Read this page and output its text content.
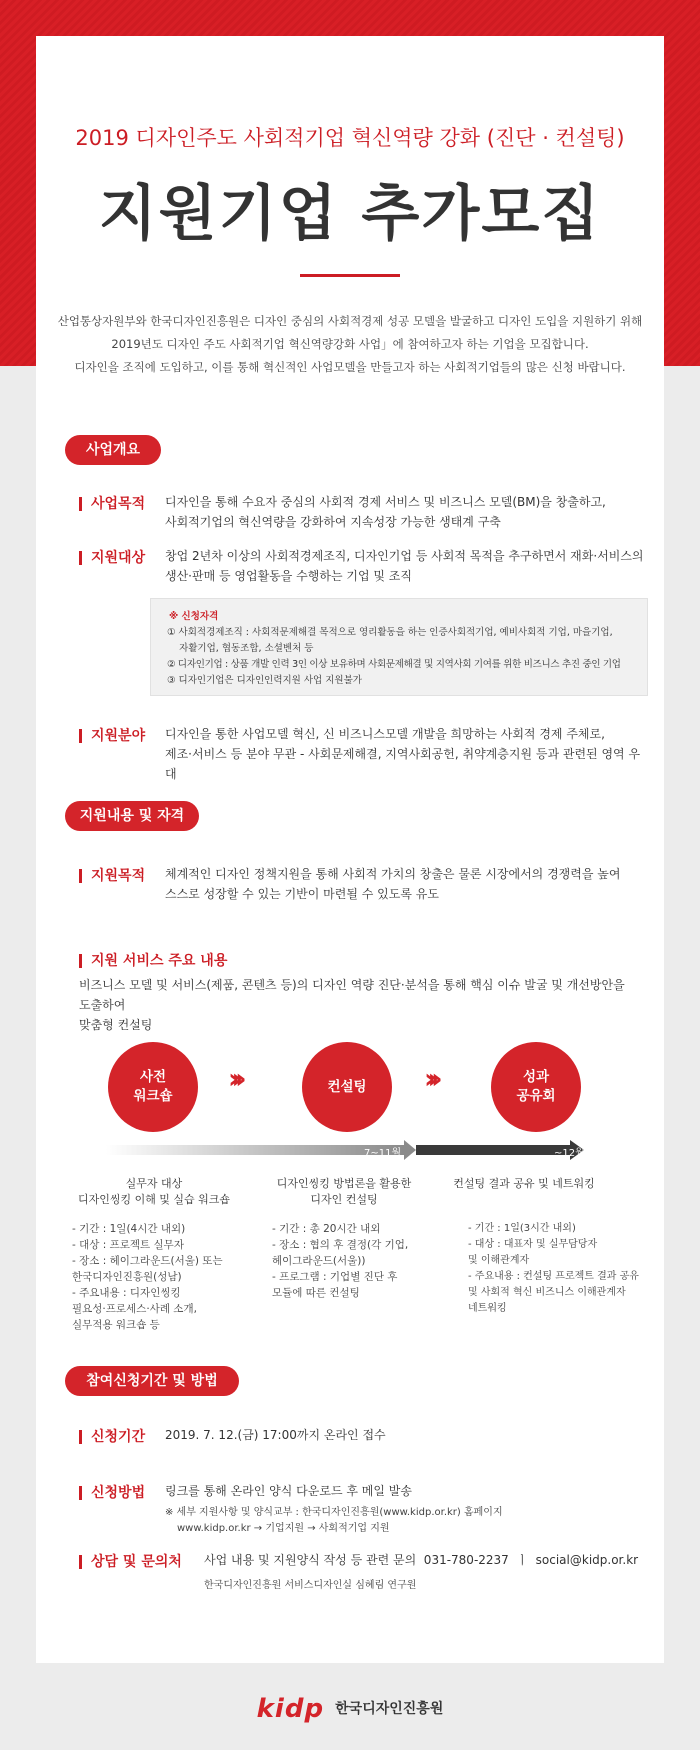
2019 디자인주도 사회적기업 혁신역량 강화 (진단 · 컨설팅)
지원기업 추가모집
산업통상자원부와 한국디자인진흥원은 디자인 중심의 사회적경제 성공 모델을 발굴하고 디자인 도입을 지원하기 위해
2019년도 디자인 주도 사회적기업 혁신역량강화 사업」에 참여하고자 하는 기업을 모집합니다.
디자인을 조직에 도입하고, 이를 통해 혁신적인 사업모델을 만들고자 하는 사회적기업들의 많은 신청 바랍니다.
사업개요
사업목적 디자인을 통해 수요자 중심의 사회적 경제 서비스 및 비즈니스 모델(BM)을 창출하고,
사회적기업의 혁신역량을 강화하여 지속성장 가능한 생태계 구축
지원대상 창업 2년차 이상의 사회적경제조직, 디자인기업 등 사회적 목적을 추구하면서 재화·서비스의
생산·판매 등 영업활동을 수행하는 기업 및 조직
※ 신청자격
① 사회적경제조직 : 사회적문제해결 목적으로 영리활동을 하는 인증사회적기업, 예비사회적 기업, 마을기업,
자활기업, 협동조합, 소셜벤처 등
② 디자인기업 : 상품 개발 인력 3인 이상 보유하며 사회문제해결 및 지역사회 기여를 위한 비즈니스 추진 중인 기업
③ 디자인기업은 디자인인력지원 사업 지원불가
지원분야 디자인을 통한 사업모델 혁신, 신 비즈니스모델 개발을 희망하는 사회적 경제 주체로,
제조·서비스 등 분야 무관 - 사회문제해결, 지역사회공헌, 취약계층지원 등과 관련된 영역 우대
지원내용 및 자격
지원목적 체계적인 디자인 정책지원을 통해 사회적 가치의 창출은 물론 시장에서의 경쟁력을 높여
스스로 성장할 수 있는 기반이 마련될 수 있도록 유도
지원 서비스 주요 내용
비즈니스 모델 및 서비스(제품, 콘텐츠 등)의 디자인 역량 진단·분석을 통해 핵심 이슈 발굴 및 개선방안을 도출하여
맞춤형 컨설팅
사전
워크숍
›››	컨설팅	›››	성과
공유회
7~11월	~12월
실무자 대상
디자인씽킹 이해 및 실습 워크숍
- 기간 : 1일(4시간 내외)
- 대상 : 프로젝트 실무자
- 장소 : 헤이그라운드(서울) 또는
한국디자인진흥원(성남)
- 주요내용 : 디자인씽킹
필요성·프로세스·사례 소개,
실무적용 워크숍 등
디자인씽킹 방법론을 활용한
디자인 컨설팅
- 기간 : 총 20시간 내외
- 장소 : 협의 후 결정(각 기업,
헤이그라운드(서울))
- 프로그램 : 기업별 진단 후
모듈에 따른 컨설팅
컨설팅 결과 공유 및 네트워킹
- 기간 : 1일(3시간 내외)
- 대상 : 대표자 및 실무담당자
및 이해관계자
- 주요내용 : 컨설팅 프로젝트 결과 공유
및 사회적 혁신 비즈니스 이해관계자
네트워킹
참여신청기간 및 방법
신청기간 2019. 7. 12.(금) 17:00까지 온라인 접수
신청방법 링크를 통해 온라인 양식 다운로드 후 메일 발송
※ 세부 지원사항 및 양식교부 : 한국디자인진흥원(www.kidp.or.kr) 홈페이지
www.kidp.or.kr → 기업지원 → 사회적기업 지원
상담 및 문의처 사업 내용 및 지원양식 작성 등 관련 문의  031-780-2237  ㅣ  social@kidp.or.kr
한국디자인진흥원 서비스디자인실 심혜림 연구원
kidp 한국디자인진흥원
